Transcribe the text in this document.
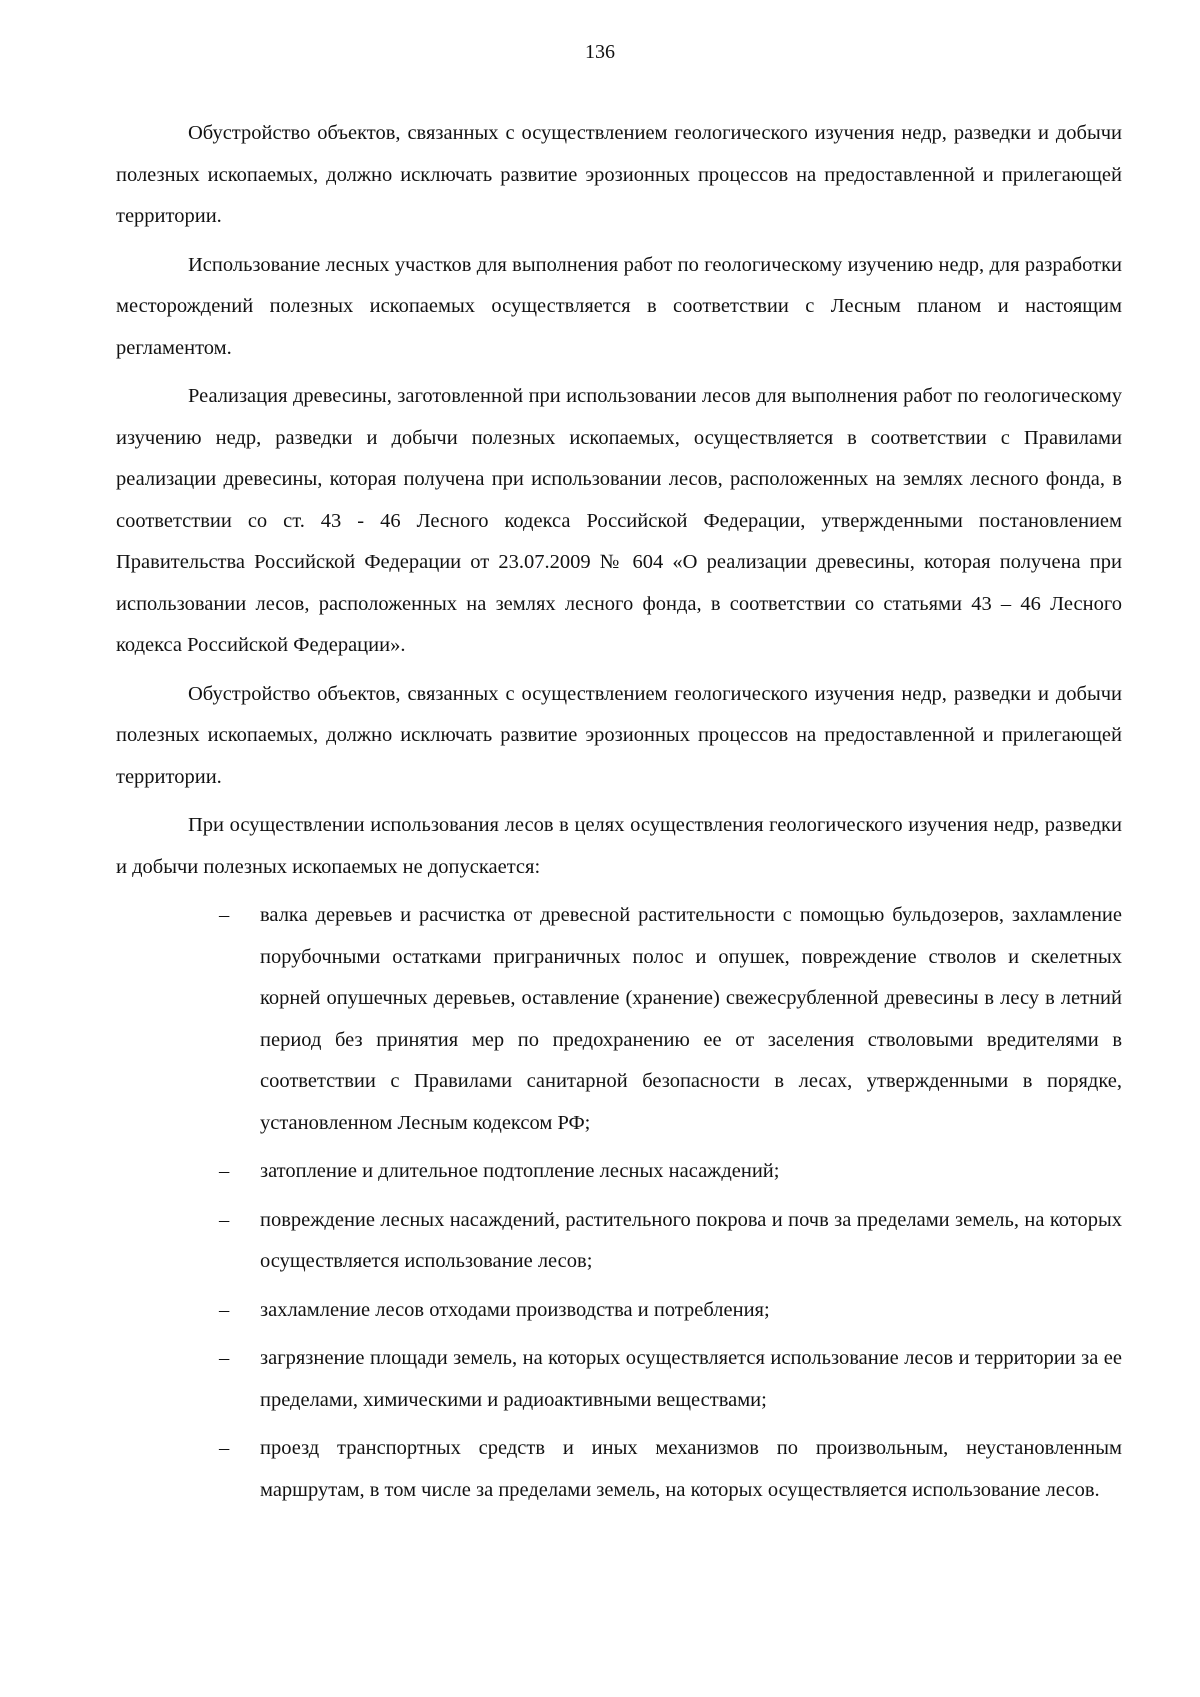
136

Обустройство объектов, связанных с осуществлением геологического изучения недр, разведки и добычи полезных ископаемых, должно исключать развитие эрозионных процессов на предоставленной и прилегающей территории.

Использование лесных участков для выполнения работ по геологическому изучению недр, для разработки месторождений полезных ископаемых осуществляется в соответствии с Лесным планом и настоящим регламентом.

Реализация древесины, заготовленной при использовании лесов для выполнения работ по геологическому изучению недр, разведки и добычи полезных ископаемых, осуществляется в соответствии с Правилами реализации древесины, которая получена при использовании лесов, расположенных на землях лесного фонда, в соответствии со ст. 43 - 46 Лесного кодекса Российской Федерации, утвержденными постановлением Правительства Российской Федерации от 23.07.2009 № 604 «О реализации древесины, которая получена при использовании лесов, расположенных на землях лесного фонда, в соответствии со статьями 43 – 46 Лесного кодекса Российской Федерации».

Обустройство объектов, связанных с осуществлением геологического изучения недр, разведки и добычи полезных ископаемых, должно исключать развитие эрозионных процессов на предоставленной и прилегающей территории.

При осуществлении использования лесов в целях осуществления геологического изучения недр, разведки и добычи полезных ископаемых не допускается:

– валка деревьев и расчистка от древесной растительности с помощью бульдозеров, захламление порубочными остатками приграничных полос и опушек, повреждение стволов и скелетных корней опушечных деревьев, оставление (хранение) свежесрубленной древесины в лесу в летний период без принятия мер по предохранению ее от заселения стволовыми вредителями в соответствии с Правилами санитарной безопасности в лесах, утвержденными в порядке, установленном Лесным кодексом РФ;
– затопление и длительное подтопление лесных насаждений;
– повреждение лесных насаждений, растительного покрова и почв за пределами земель, на которых осуществляется использование лесов;
– захламление лесов отходами производства и потребления;
– загрязнение площади земель, на которых осуществляется использование лесов и территории за ее пределами, химическими и радиоактивными веществами;
– проезд транспортных средств и иных механизмов по произвольным, неустановленным маршрутам, в том числе за пределами земель, на которых осуществляется использование лесов.
